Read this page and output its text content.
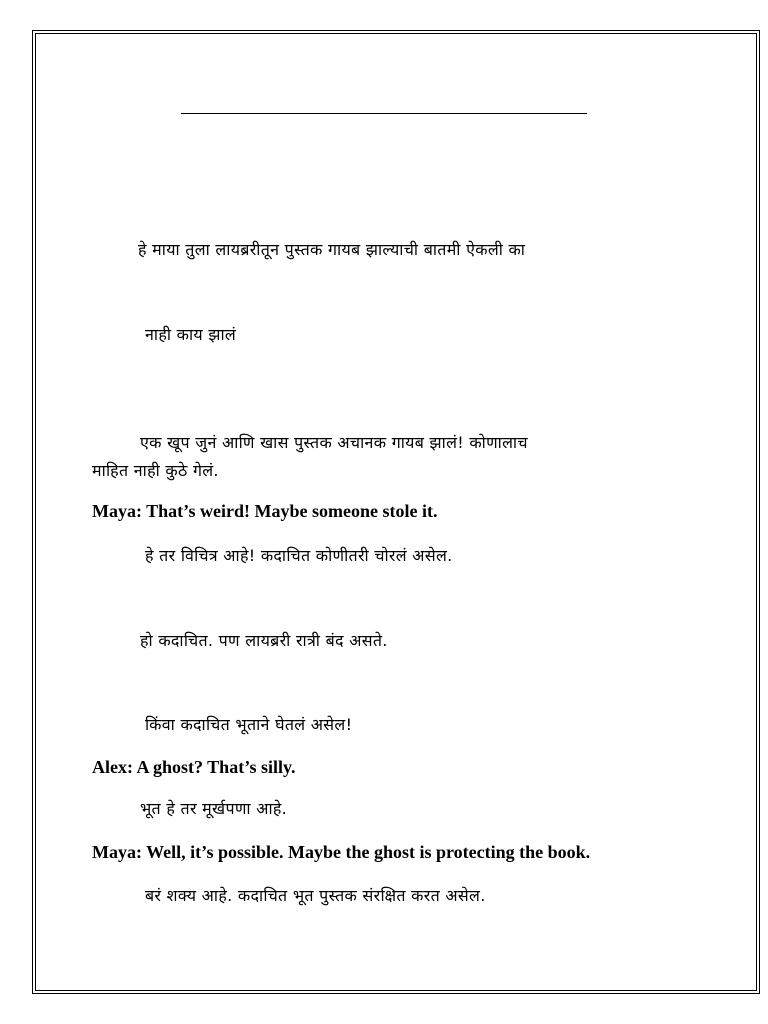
हे माया तुला लायब्ररीतून पुस्तक गायब झाल्याची बातमी ऐकली का

नाही काय झालं

एक खूप जुनं आणि खास पुस्तक अचानक गायब झालं! कोणालाच

माहित नाही कुठे गेलं.

Maya: That’s weird! Maybe someone stole it.

हे तर विचित्र आहे! कदाचित कोणीतरी चोरलं असेल.

हो कदाचित. पण लायब्ररी रात्री बंद असते.

किंवा कदाचित भूताने घेतलं असेल!

Alex: A ghost? That’s silly.

भूत हे तर मूर्खपणा आहे.

Maya: Well, it’s possible. Maybe the ghost is protecting the book.

बरं शक्य आहे. कदाचित भूत पुस्तक संरक्षित करत असेल.
